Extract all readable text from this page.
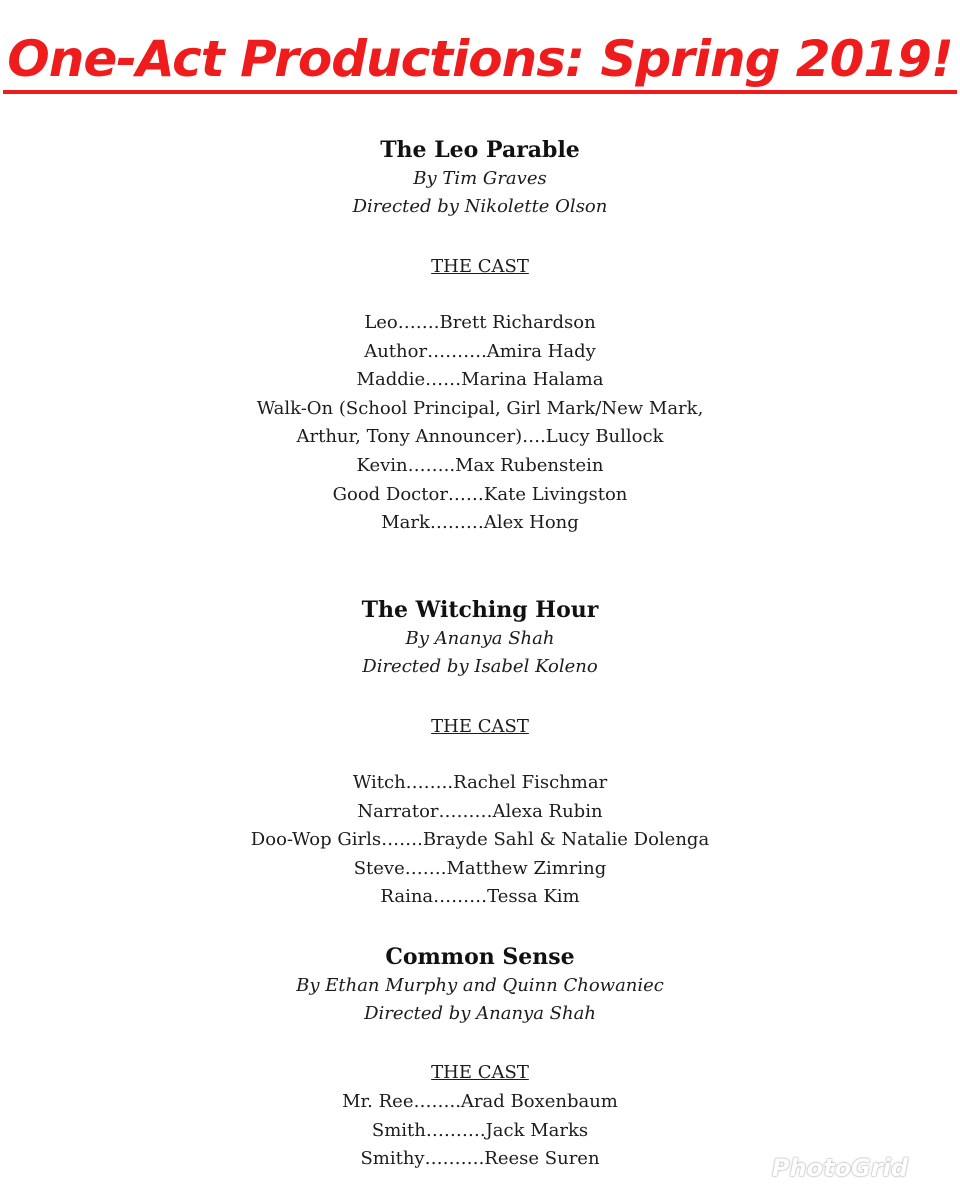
One-Act Productions: Spring 2019!
The Leo Parable
By Tim Graves
Directed by Nikolette Olson
THE CAST
Leo…….Brett Richardson
Author……….Amira Hady
Maddie……Marina Halama
Walk-On (School Principal, Girl Mark/New Mark,
Arthur, Tony Announcer)….Lucy Bullock
Kevin……..Max Rubenstein
Good Doctor……Kate Livingston
Mark………Alex Hong
The Witching Hour
By Ananya Shah
Directed by Isabel Koleno
THE CAST
Witch……..Rachel Fischmar
Narrator………Alexa Rubin
Doo-Wop Girls…….Brayde Sahl & Natalie Dolenga
Steve…….Matthew Zimring
Raina………Tessa Kim
Common Sense
By Ethan Murphy and Quinn Chowaniec
Directed by Ananya Shah
THE CAST
Mr. Ree……..Arad Boxenbaum
Smith……….Jack Marks
Smithy……….Reese Suren	PhotoGrid
